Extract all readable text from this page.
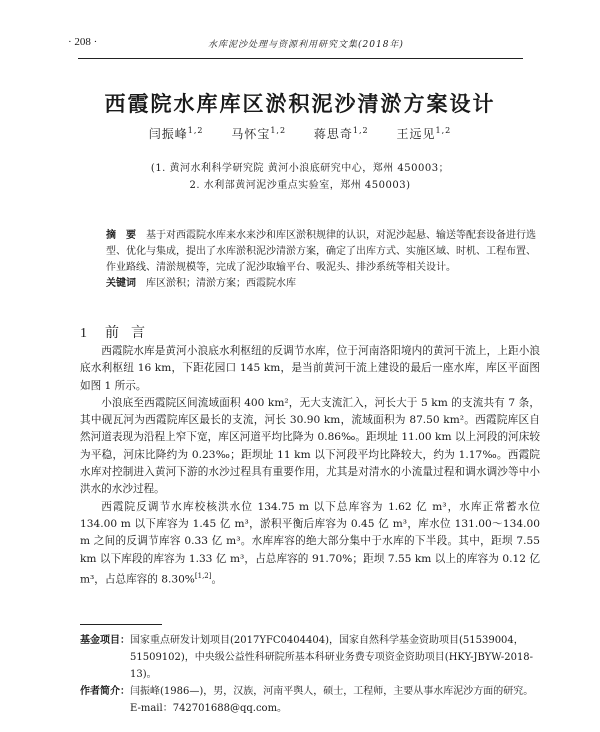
· 208 ·	水库泥沙处理与资源利用研究文集(2018年)
西霞院水库库区淤积泥沙清淤方案设计
闫振峰$^{1,2}$ 马怀宝$^{1,2}$ 蒋思奇$^{1,2}$ 王远见$^{1,2}$
(1. 黄河水利科学研究院 黄河小浪底研究中心，郑州 450003；
2. 水利部黄河泥沙重点实验室，郑州 450003)
摘　要 基于对西霞院水库来水来沙和库区淤积规律的认识，对泥沙起悬、输送等配套设备进行选型、优化与集成，提出了水库淤积泥沙清淤方案，确定了出库方式、实施区域、时机、工程布置、作业路线、清淤规模等，完成了泥沙取输平台、吸泥头、排沙系统等相关设计。
关键词 库区淤积；清淤方案；西霞院水库
1 前言

西霞院水库是黄河小浪底水利枢纽的反调节水库，位于河南洛阳境内的黄河干流上，上距小浪底水利枢纽 16 km，下距花园口 145 km，是当前黄河干流上建设的最后一座水库，库区平面图如图 1 所示。

小浪底至西霞院区间流域面积 400 km²，无大支流汇入，河长大于 5 km 的支流共有 7 条，其中砚瓦河为西霞院库区最长的支流，河长 30.90 km，流域面积为 87.50 km²。西霞院库区自然河道表现为沿程上窄下宽，库区河道平均比降为 0.86‰。距坝址 11.00 km 以上河段的河床较为平稳，河床比降约为 0.23‰；距坝址 11 km 以下河段平均比降较大，约为 1.17‰。西霞院水库对控制进入黄河下游的水沙过程具有重要作用，尤其是对清水的小流量过程和调水调沙等中小洪水的水沙过程。

西霞院反调节水库校核洪水位 134.75 m 以下总库容为 1.62 亿 m³，水库正常蓄水位 134.00 m 以下库容为 1.45 亿 m³，淤积平衡后库容为 0.45 亿 m³，库水位 131.00～134.00 m 之间的反调节库容 0.33 亿 m³。水库库容的绝大部分集中于水库的下半段。其中，距坝 7.55 km 以下库段的库容为 1.33 亿 m³，占总库容的 91.70%；距坝 7.55 km 以上的库容为 0.12 亿 m³，占总库容的 8.30%[1,2]。

基金项目： 国家重点研发计划项目(2017YFC0404404)，国家自然科学基金资助项目(51539004，51509102)，中央级公益性科研院所基本科研业务费专项资金资助项目(HKY-JBYW-2018-13)。
作者简介： 闫振峰(1986—)，男，汉族，河南平舆人，硕士，工程师，主要从事水库泥沙方面的研究。E-mail：742701688@qq.com。
